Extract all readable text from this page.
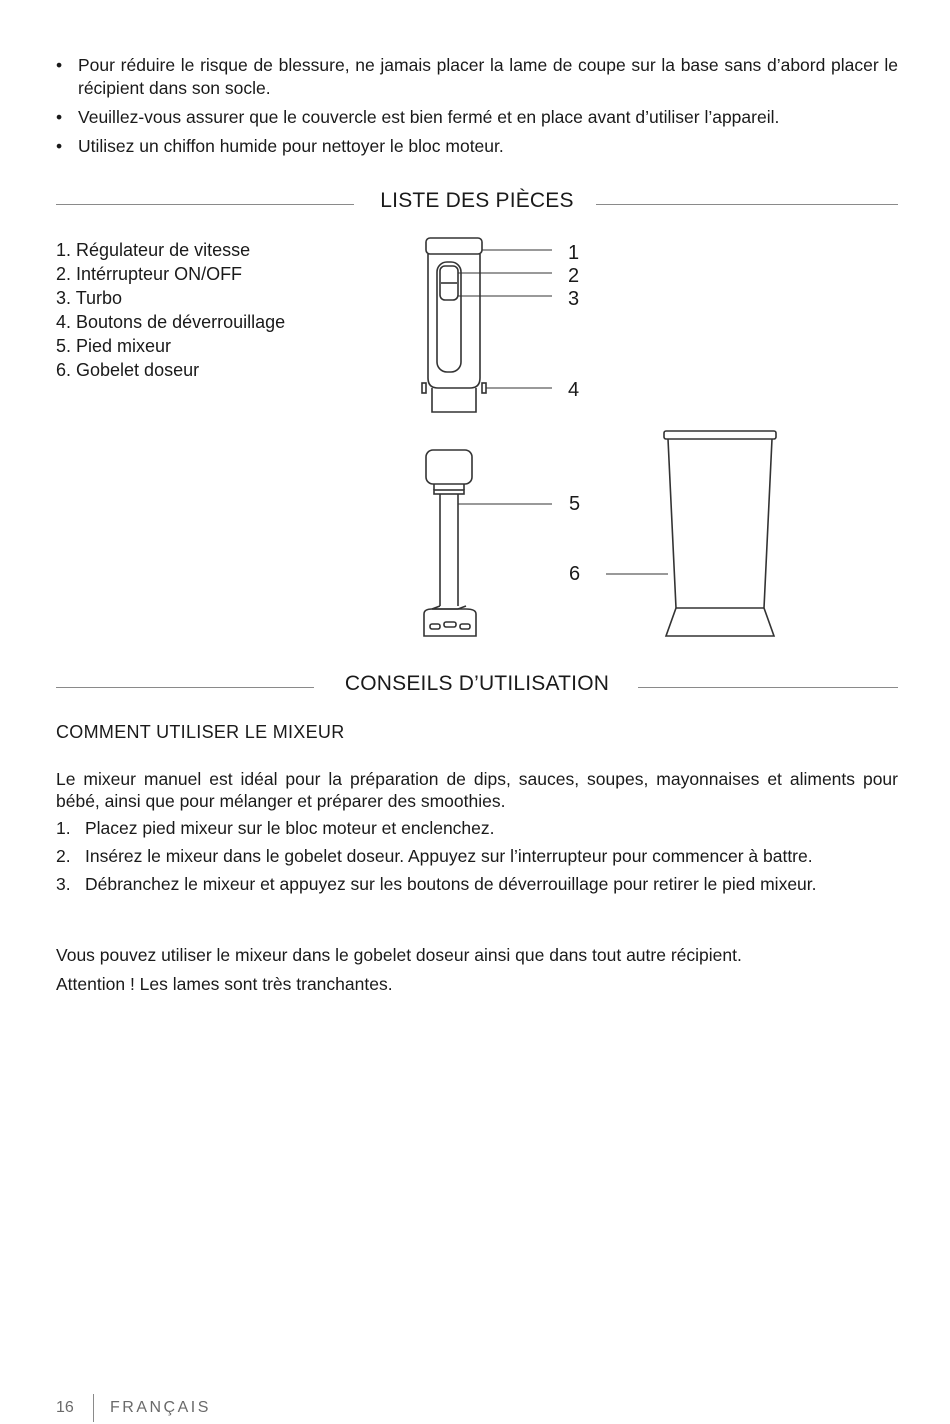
• Pour réduire le risque de blessure, ne jamais placer la lame de coupe sur la base sans d’abord placer le récipient dans son socle.
• Veuillez-vous assurer que le couvercle est bien fermé et en place avant d’utiliser l’appareil.
• Utilisez un chiffon humide pour nettoyer le bloc moteur.
LISTE DES PIÈCES
1. Régulateur de vitesse
2. Intérrupteur ON/OFF
3. Turbo
4. Boutons de déverrouillage
5. Pied mixeur
6. Gobelet doseur
1
2
3
4
5
6
CONSEILS D’UTILISATION
COMMENT UTILISER LE MIXEUR
Le mixeur manuel est idéal pour la préparation de dips, sauces, soupes, mayonnaises et aliments pour bébé, ainsi que pour mélanger et préparer des smoothies.
1. Placez pied mixeur sur le bloc moteur et enclenchez.
2. Insérez le mixeur dans le gobelet doseur. Appuyez sur l’interrupteur pour commencer à battre.
3. Débranchez le mixeur et appuyez sur les boutons de déverrouillage pour retirer le pied mixeur.

Vous pouvez utiliser le mixeur dans le gobelet doseur ainsi que dans tout autre récipient.

Attention ! Les lames sont très tranchantes.

16 FRANÇAIS
